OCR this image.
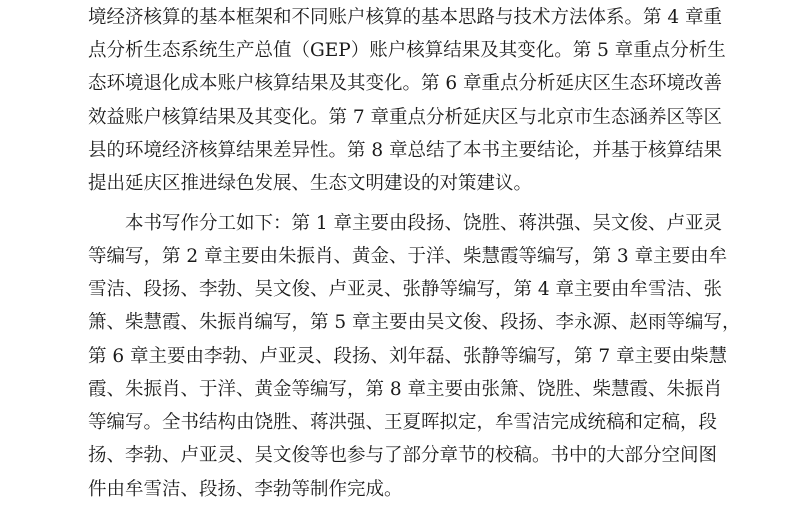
境经济核算的基本框架和不同账户核算的基本思路与技术方法体系。第 4 章重
点分析生态系统生产总值（GEP）账户核算结果及其变化。第 5 章重点分析生
态环境退化成本账户核算结果及其变化。第 6 章重点分析延庆区生态环境改善
效益账户核算结果及其变化。第 7 章重点分析延庆区与北京市生态涵养区等区
县的环境经济核算结果差异性。第 8 章总结了本书主要结论，并基于核算结果
提出延庆区推进绿色发展、生态文明建设的对策建议。
本书写作分工如下：第 1 章主要由段扬、饶胜、蒋洪强、吴文俊、卢亚灵
等编写，第 2 章主要由朱振肖、黄金、于洋、柴慧霞等编写，第 3 章主要由牟
雪洁、段扬、李勃、吴文俊、卢亚灵、张静等编写，第 4 章主要由牟雪洁、张
箫、柴慧霞、朱振肖编写，第 5 章主要由吴文俊、段扬、李永源、赵雨等编写，
第 6 章主要由李勃、卢亚灵、段扬、刘年磊、张静等编写，第 7 章主要由柴慧
霞、朱振肖、于洋、黄金等编写，第 8 章主要由张箫、饶胜、柴慧霞、朱振肖
等编写。全书结构由饶胜、蒋洪强、王夏晖拟定，牟雪洁完成统稿和定稿，段
扬、李勃、卢亚灵、吴文俊等也参与了部分章节的校稿。书中的大部分空间图
件由牟雪洁、段扬、李勃等制作完成。
